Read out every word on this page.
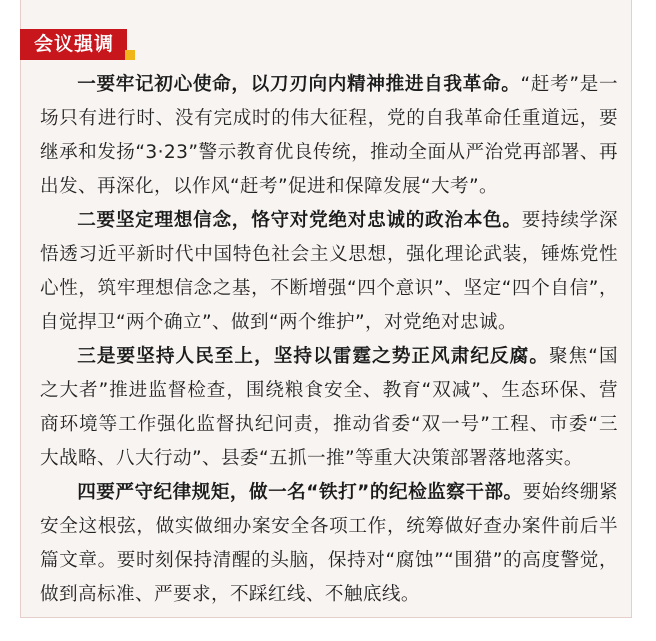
会议强调

一要牢记初心使命，以刀刃向内精神推进自我革命。“赶考”是一场只有进行时、没有完成时的伟大征程，党的自我革命任重道远，要继承和发扬“3·23”警示教育优良传统，推动全面从严治党再部署、再出发、再深化，以作风“赶考”促进和保障发展“大考”。

二要坚定理想信念，恪守对党绝对忠诚的政治本色。要持续学深悟透习近平新时代中国特色社会主义思想，强化理论武装，锤炼党性心性，筑牢理想信念之基，不断增强“四个意识”、坚定“四个自信”，自觉捍卫“两个确立”、做到“两个维护”，对党绝对忠诚。

三是要坚持人民至上，坚持以雷霆之势正风肃纪反腐。聚焦“国之大者”推进监督检查，围绕粮食安全、教育“双减”、生态环保、营商环境等工作强化监督执纪问责，推动省委“双一号”工程、市委“三大战略、八大行动”、县委“五抓一推”等重大决策部署落地落实。

四要严守纪律规矩，做一名“铁打”的纪检监察干部。要始终绷紧安全这根弦，做实做细办案安全各项工作，统筹做好查办案件前后半篇文章。要时刻保持清醒的头脑，保持对“腐蚀”“围猎”的高度警觉，做到高标准、严要求，不踩红线、不触底线。
